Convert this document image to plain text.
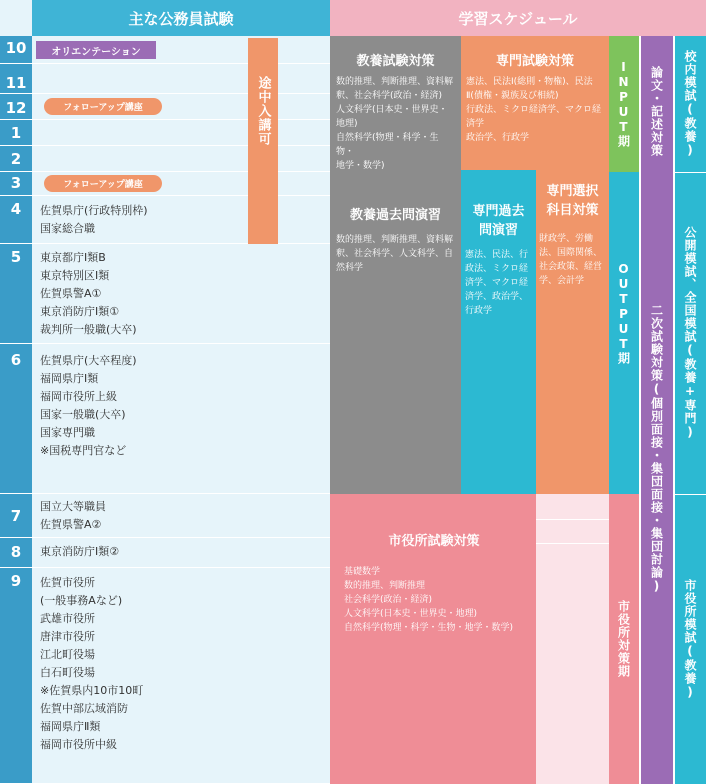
主な公務員試験	学習スケジュール
10
11
12
1
2
3
4
5
6
7
8
9
佐賀県庁(行政特別枠)
国家総合職
東京都庁Ⅰ類B
東京特別区Ⅰ類
佐賀県警A①
東京消防庁Ⅰ類①
裁判所一般職(大卒)
佐賀県庁(大卒程度)
福岡県庁Ⅰ類
福岡市役所上級
国家一般職(大卒)
国家専門職
※国税専門官など
国立大等職員
佐賀県警A②
東京消防庁Ⅰ類②
佐賀市役所
(一般事務Aなど)
武雄市役所
唐津市役所
江北町役場
白石町役場
※佐賀県内10市10町
佐賀中部広域消防
福岡県庁Ⅱ類
福岡市役所中級
オリエンテーション
フォローアップ講座
フォローアップ講座
途中入講可
教養試験対策
数的推理、判断推理、資料解
釈、社会科学(政治・経済)
人文科学(日本史・世界史・
地理)
自然科学(物理・科学・生物・
地学・数学)
専門試験対策
憲法、民法Ⅰ(総則・物権)、民法
Ⅱ(債権・親族及び相続)
行政法、ミクロ経済学、マクロ経
済学
政治学、行政学
教養過去問演習
数的推理、判断推理、資料解
釈、社会科学、人文科学、自
然科学
専門過去
問演習
憲法、民法、行
政法、ミクロ経
済学、マクロ経
済学、政治学、
行政学
専門選択
科目対策
財政学、労働
法、国際関係、
社会政策、経営
学、会計学
市役所試験対策
基礎数学
数的推理、判断推理
社会科学(政治・経済)
人文科学(日本史・世界史・地理)
自然科学(物理・科学・生物・地学・数学)
INPUT期
OUTPUT期
市役所対策期
論文・記述対策
二次試験対策(個別面接・集団面接・集団討論)
校内模試(教養)
公開模試、全国模試(教養+専門)
市役所模試(教養)
